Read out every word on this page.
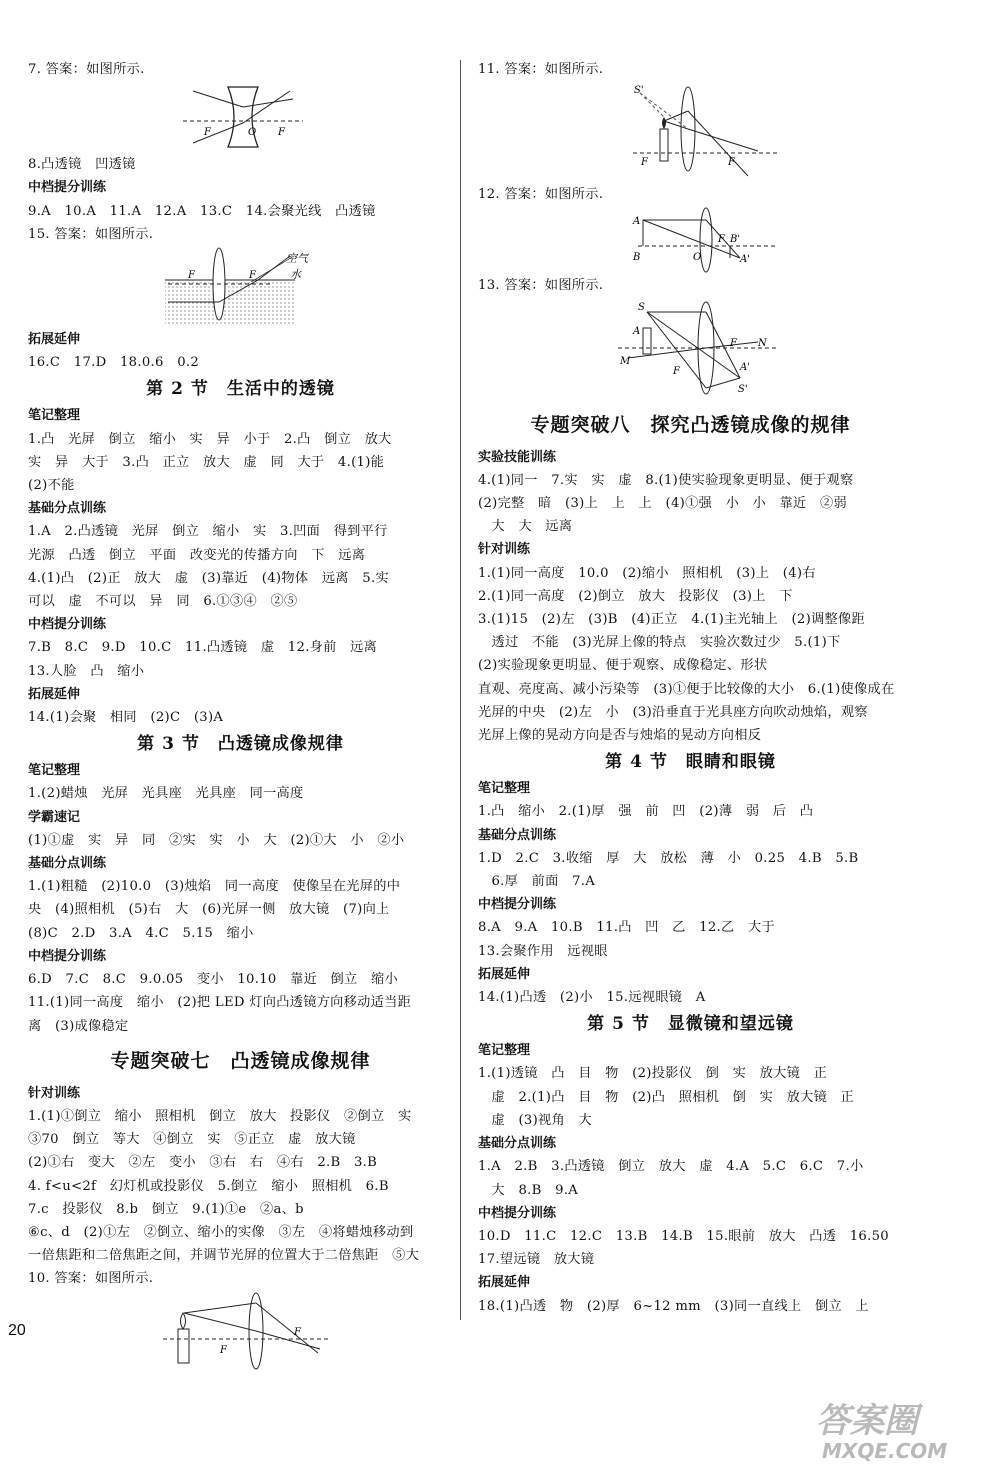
7. 答案：如图所示.
F	O F
8.凸透镜　凹透镜
中档提分训练
9.A　10.A　11.A　12.A　13.C　14.会聚光线　凸透镜
15. 答案：如图所示.
F	F
空气
水
拓展延伸
16.C　17.D　18.0.6　0.2
第 2 节　生活中的透镜
笔记整理
1.凸　光屏　倒立　缩小　实　异　小于　2.凸　倒立　放大
实　异　大于　3.凸　正立　放大　虚　同　大于　4.(1)能
(2)不能
基础分点训练
1.A　2.凸透镜　光屏　倒立　缩小　实　3.凹面　得到平行
光源　凸透　倒立　平面　改变光的传播方向　下　远离
4.(1)凸　(2)正　放大　虚　(3)靠近　(4)物体　远离　5.实
可以　虚　不可以　异　同　6.①③④　②⑤
中档提分训练
7.B　8.C　9.D　10.C　11.凸透镜　虚　12.身前　远离
13.人脸　凸　缩小
拓展延伸
14.(1)会聚　相同　(2)C　(3)A
第 3 节　凸透镜成像规律
笔记整理
1.(2)蜡烛　光屏　光具座　光具座　同一高度
学霸速记
(1)①虚　实　异　同　②实　实　小　大　(2)①大　小　②小
基础分点训练
1.(1)粗糙　(2)10.0　(3)烛焰　同一高度　使像呈在光屏的中
央　(4)照相机　(5)右　大　(6)光屏一侧　放大镜　(7)向上
(8)C　2.D　3.A　4.C　5.15　缩小
中档提分训练
6.D　7.C　8.C　9.0.05　变小　10.10　靠近　倒立　缩小
11.(1)同一高度　缩小　(2)把 LED 灯向凸透镜方向移动适当距
离　(3)成像稳定
专题突破七　凸透镜成像规律
针对训练
1.(1)①倒立　缩小　照相机　倒立　放大　投影仪　②倒立　实
③70　倒立　等大　④倒立　实　⑤正立　虚　放大镜
(2)①右　变大　②左　变小　③右　右　④右　2.B　3.B
4. f<u<2f　幻灯机或投影仪　5.倒立　缩小　照相机　6.B
7.c　投影仪　8.b　倒立　9.(1)①e　②a、b
⑥c、d　(2)①左　②倒立、缩小的实像　③左　④将蜡烛移动到
一倍焦距和二倍焦距之间，并调节光屏的位置大于二倍焦距　⑤大
10. 答案：如图所示.
F
F
11. 答案：如图所示.
S'
F	F
12. 答案：如图所示.
A
B	O
F B'
A'
13. 答案：如图所示.
S
A
M
F
F N
A'
S'
专题突破八　探究凸透镜成像的规律
实验技能训练
4.(1)同一　7.实　实　虚　8.(1)使实验现象更明显、便于观察
(2)完整　暗　(3)上　上　上　(4)①强　小　小　靠近　②弱
　大　大　远离
针对训练
1.(1)同一高度　10.0　(2)缩小　照相机　(3)上　(4)右
2.(1)同一高度　(2)倒立　放大　投影仪　(3)上　下
3.(1)15　(2)左　(3)B　(4)正立　4.(1)主光轴上　(2)调整像距
　透过　不能　(3)光屏上像的特点　实验次数过少　5.(1)下
(2)实验现象更明显、便于观察、成像稳定、形状
直观、亮度高、减小污染等　(3)①便于比较像的大小　6.(1)使像成在
光屏的中央　(2)左　小　(3)沿垂直于光具座方向吹动烛焰，观察
光屏上像的晃动方向是否与烛焰的晃动方向相反
第 4 节　眼睛和眼镜
笔记整理
1.凸　缩小　2.(1)厚　强　前　凹　(2)薄　弱　后　凸
基础分点训练
1.D　2.C　3.收缩　厚　大　放松　薄　小　0.25　4.B　5.B
　6.厚　前面　7.A
中档提分训练
8.A　9.A　10.B　11.凸　凹　乙　12.乙　大于
13.会聚作用　远视眼
拓展延伸
14.(1)凸透　(2)小　15.远视眼镜　A
第 5 节　显微镜和望远镜
笔记整理
1.(1)透镜　凸　目　物　(2)投影仪　倒　实　放大镜　正
　虚　2.(1)凸　目　物　(2)凸　照相机　倒　实　放大镜　正
　虚　(3)视角　大
基础分点训练
1.A　2.B　3.凸透镜　倒立　放大　虚　4.A　5.C　6.C　7.小
　大　8.B　9.A
中档提分训练
10.D　11.C　12.C　13.B　14.B　15.眼前　放大　凸透　16.50
17.望远镜　放大镜
拓展延伸
18.(1)凸透　物　(2)厚　6~12 mm　(3)同一直线上　倒立　上
20
答案圈
MXQE.COM
